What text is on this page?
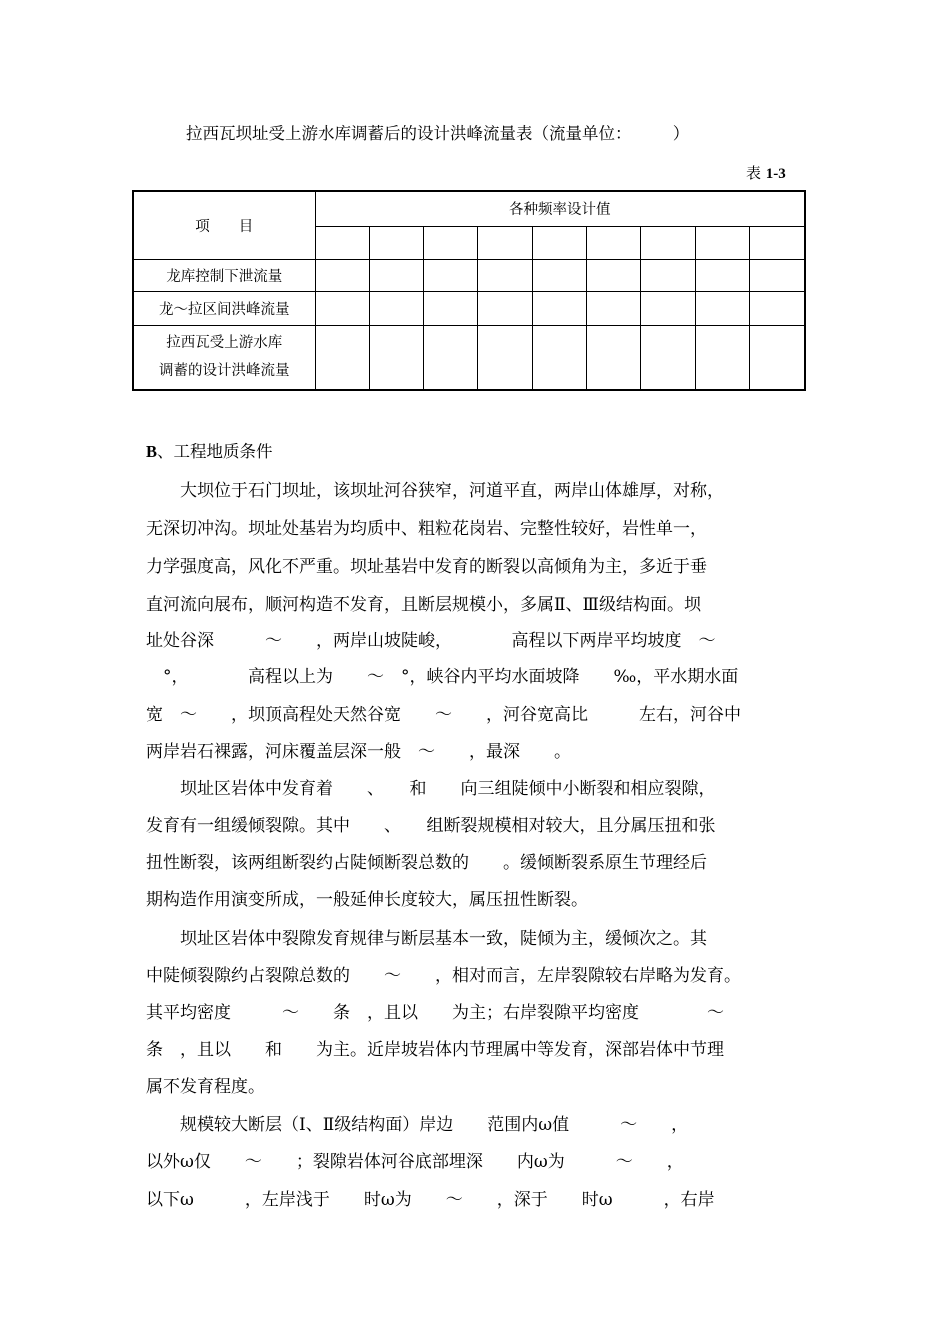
拉西瓦坝址受上游水库调蓄后的设计洪峰流量表（流量单位：　　　）
表 1-3
项　　目	各种频率设计值								

龙库控制下泄流量									
龙～拉区间洪峰流量									

拉西瓦受上游水库
调蓄的设计洪峰流量									

B、工程地质条件
　　大坝位于石门坝址，该坝址河谷狭窄，河道平直，两岸山体雄厚，对称，
无深切冲沟。坝址处基岩为均质中、粗粒花岗岩、完整性较好，岩性单一，
力学强度高，风化不严重。坝址基岩中发育的断裂以高倾角为主，多近于垂
直河流向展布，顺河构造不发育，且断层规模小，多属Ⅱ、Ⅲ级结构面。坝
址处谷深　　　～　　，两岸山坡陡峻，　　　　高程以下两岸平均坡度　～
　°，　　　　高程以上为　　～　°，峡谷内平均水面坡降　　‰，平水期水面
宽　～　　，坝顶高程处天然谷宽　　～　　，河谷宽高比　　　左右，河谷中
两岸岩石裸露，河床覆盖层深一般　～　　，最深　　。
　　坝址区岩体中发育着　　、　　和　　向三组陡倾中小断裂和相应裂隙，
发育有一组缓倾裂隙。其中　　、　　组断裂规模相对较大，且分属压扭和张
扭性断裂，该两组断裂约占陡倾断裂总数的　　。缓倾断裂系原生节理经后
期构造作用演变所成，一般延伸长度较大，属压扭性断裂。
　　坝址区岩体中裂隙发育规律与断层基本一致，陡倾为主，缓倾次之。其
中陡倾裂隙约占裂隙总数的　　～　　，相对而言，左岸裂隙较右岸略为发育。
其平均密度　　　～　　条　，且以　　为主；右岸裂隙平均密度　　　　～
条　，且以　　和　　为主。近岸坡岩体内节理属中等发育，深部岩体中节理
属不发育程度。
　　规模较大断层（Ⅰ、Ⅱ级结构面）岸边　　范围内ω值　　　～　　，
以外ω仅　　～　　；裂隙岩体河谷底部埋深　　内ω为　　　～　　，
以下ω　　　，左岸浅于　　时ω为　　～　　，深于　　时ω　　　，右岸
